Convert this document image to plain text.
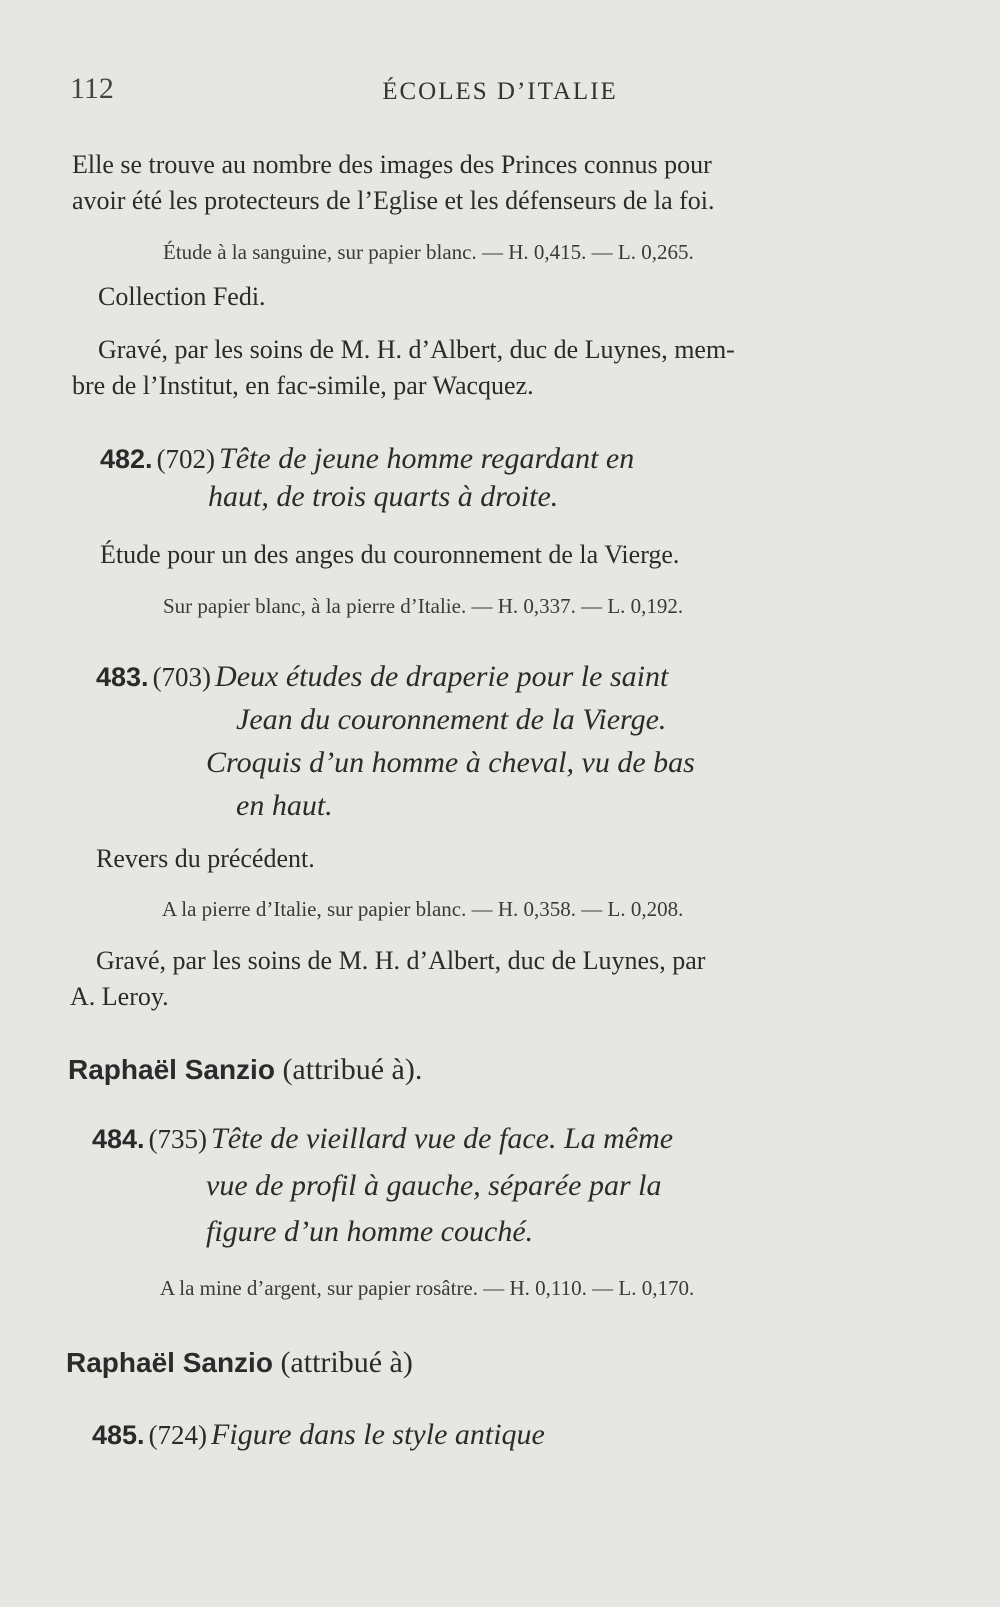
112	ÉCOLES D’ITALIE
Elle se trouve au nombre des images des Princes connus pour
avoir été les protecteurs de l’Eglise et les défenseurs de la foi.
Étude à la sanguine, sur papier blanc. — H. 0,415. — L. 0,265.
Collection Fedi.
Gravé, par les soins de M. H. d’Albert, duc de Luynes, mem-
bre de l’Institut, en fac-simile, par Wacquez.
482. (702) Tête de jeune homme regardant en
haut, de trois quarts à droite.
Étude pour un des anges du couronnement de la Vierge.
Sur papier blanc, à la pierre d’Italie. — H. 0,337. — L. 0,192.
483. (703) Deux études de draperie pour le saint
Jean du couronnement de la Vierge.
Croquis d’un homme à cheval, vu de bas
en haut.
Revers du précédent.
A la pierre d’Italie, sur papier blanc. — H. 0,358. — L. 0,208.
Gravé, par les soins de M. H. d’Albert, duc de Luynes, par
A. Leroy.
Raphaël Sanzio (attribué à).
484. (735) Tête de vieillard vue de face. La même
vue de profil à gauche, séparée par la
figure d’un homme couché.
A la mine d’argent, sur papier rosâtre. — H. 0,110. — L. 0,170.
Raphaël Sanzio (attribué à)
485. (724) Figure dans le style antique
